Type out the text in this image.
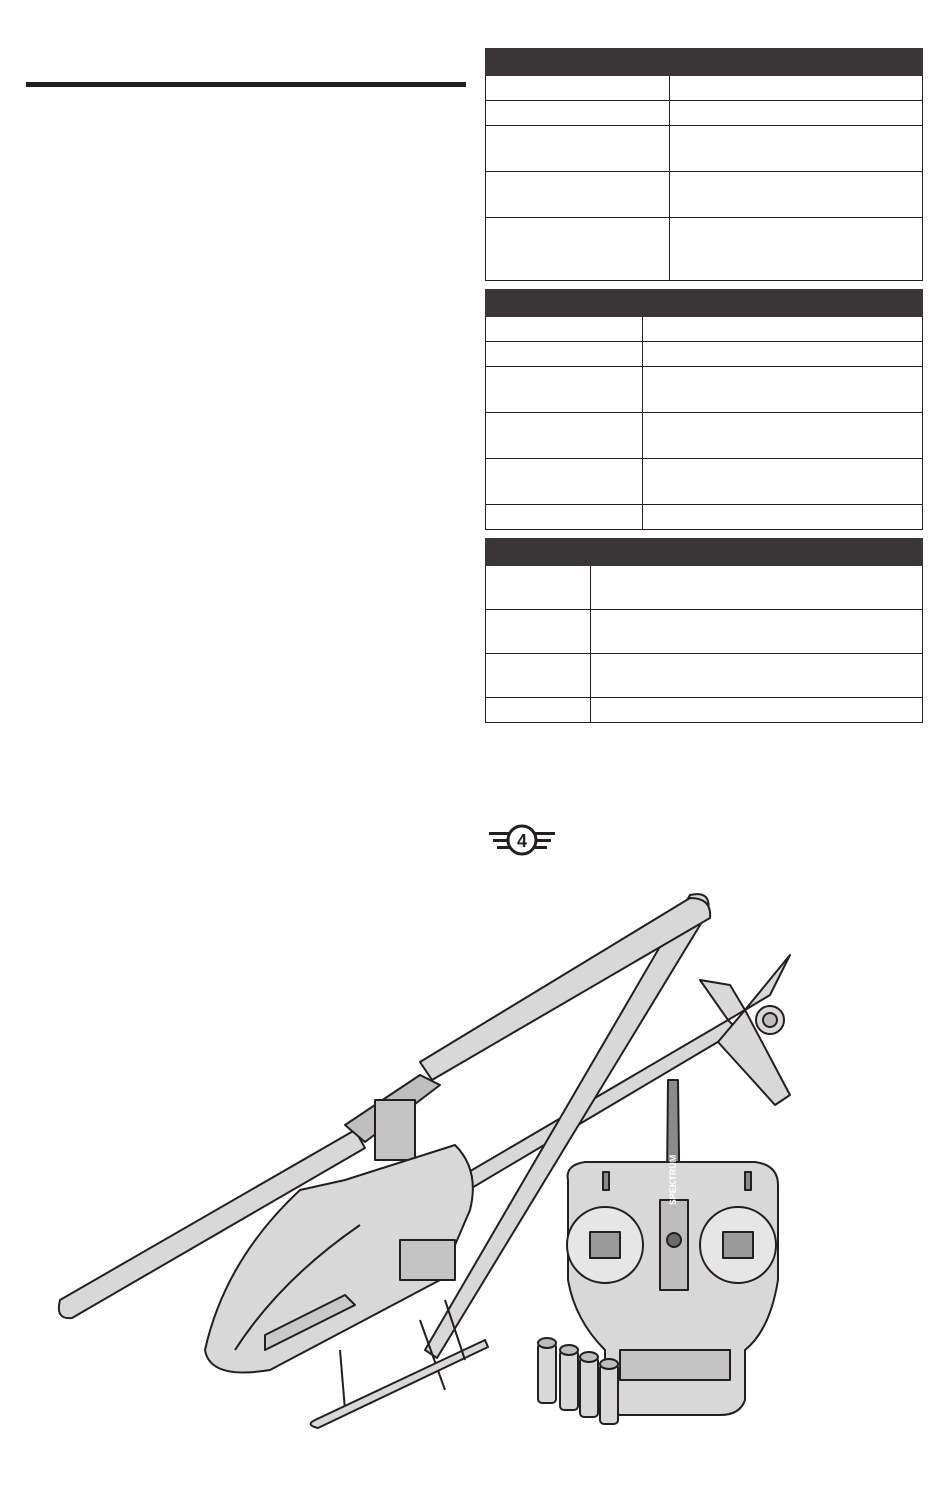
4
SPEKTRUM
